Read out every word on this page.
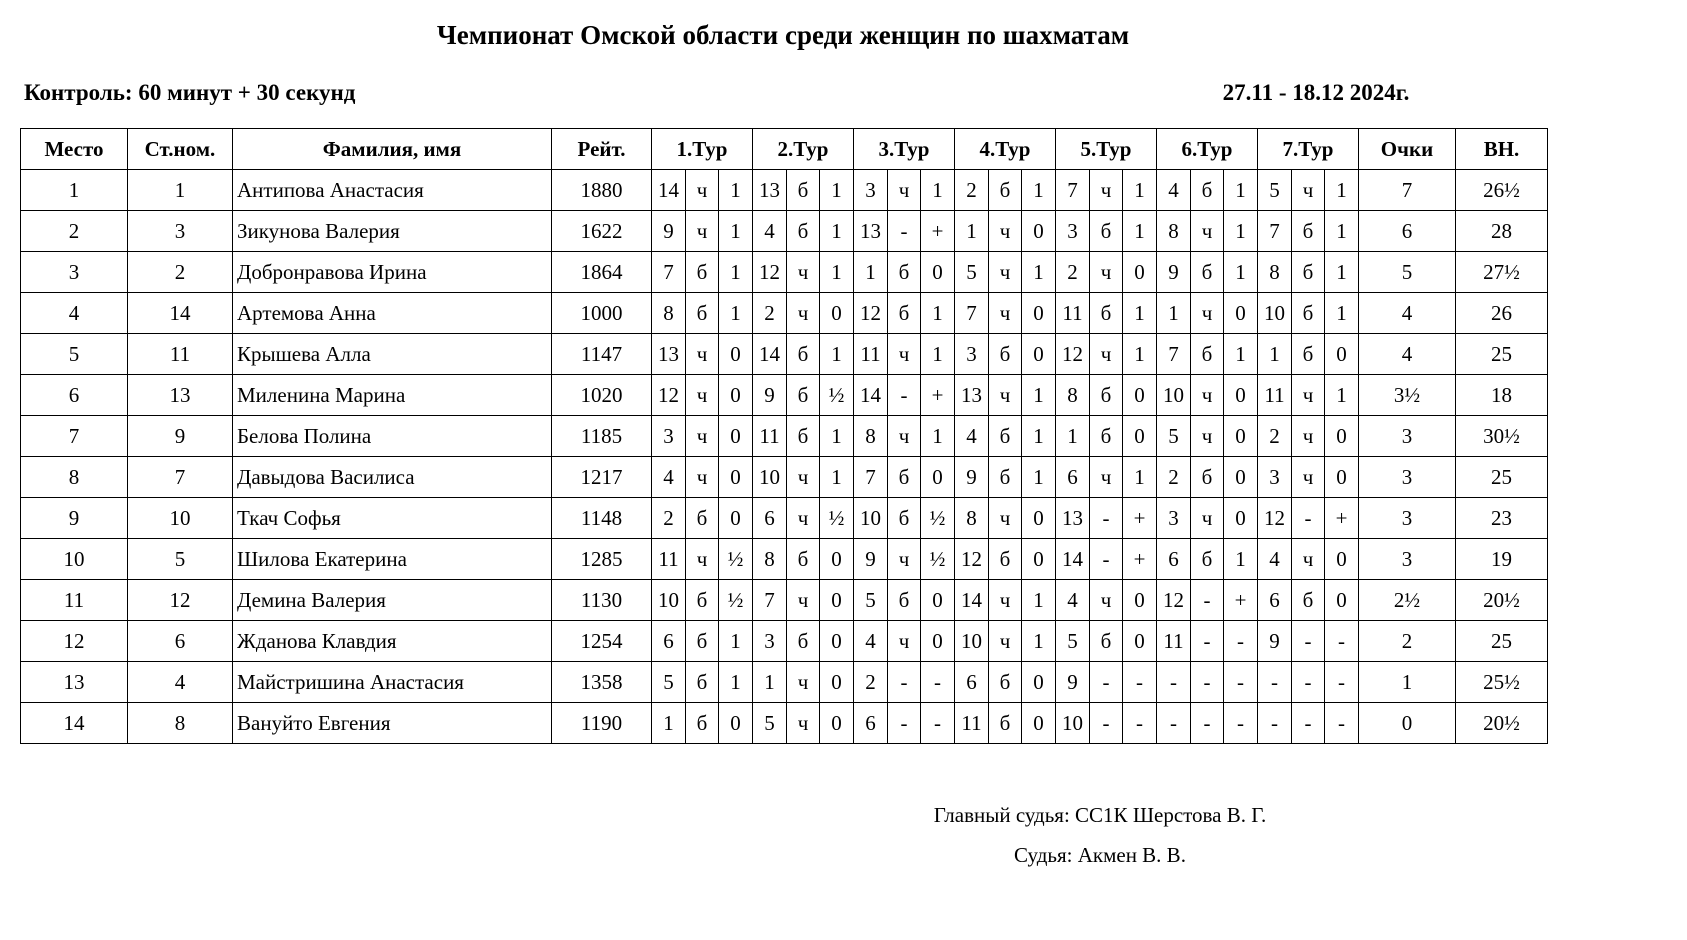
Чемпионат Омской области среди женщин по шахматам
Контроль: 60 минут + 30 секунд	27.11 - 18.12 2024г.
Место	Ст.ном.	Фамилия, имя	Рейт.	1.Тур			2.Тур			3.Тур			4.Тур			5.Тур			6.Тур			7.Тур			Очки	ВН.
1	1	Антипова Анастасия	1880	14	ч	1	13	б	1	3	ч	1	2	б	1	7	ч	1	4	б	1	5	ч	1	7	26½
2	3	Зикунова Валерия	1622	9	ч	1	4	б	1	13	-	+	1	ч	0	3	б	1	8	ч	1	7	б	1	6	28
3	2	Добронравова Ирина	1864	7	б	1	12	ч	1	1	б	0	5	ч	1	2	ч	0	9	б	1	8	б	1	5	27½
4	14	Артемова Анна	1000	8	б	1	2	ч	0	12	б	1	7	ч	0	11	б	1	1	ч	0	10	б	1	4	26
5	11	Крышева Алла	1147	13	ч	0	14	б	1	11	ч	1	3	б	0	12	ч	1	7	б	1	1	б	0	4	25
6	13	Миленина Марина	1020	12	ч	0	9	б	½	14	-	+	13	ч	1	8	б	0	10	ч	0	11	ч	1	3½	18
7	9	Белова Полина	1185	3	ч	0	11	б	1	8	ч	1	4	б	1	1	б	0	5	ч	0	2	ч	0	3	30½
8	7	Давыдова Василиса	1217	4	ч	0	10	ч	1	7	б	0	9	б	1	6	ч	1	2	б	0	3	ч	0	3	25
9	10	Ткач Софья	1148	2	б	0	6	ч	½	10	б	½	8	ч	0	13	-	+	3	ч	0	12	-	+	3	23
10	5	Шилова Екатерина	1285	11	ч	½	8	б	0	9	ч	½	12	б	0	14	-	+	6	б	1	4	ч	0	3	19
11	12	Демина Валерия	1130	10	б	½	7	ч	0	5	б	0	14	ч	1	4	ч	0	12	-	+	6	б	0	2½	20½
12	6	Жданова Клавдия	1254	6	б	1	3	б	0	4	ч	0	10	ч	1	5	б	0	11	-	-	9	-	-	2	25
13	4	Майстришина Анастасия	1358	5	б	1	1	ч	0	2	-	-	6	б	0	9	-	-	-	-	-	-	-	-	1	25½
14	8	Вануйто Евгения	1190	1	б	0	5	ч	0	6	-	-	11	б	0	10	-	-	-	-	-	-	-	-	0	20½
Главный судья: СС1К Шерстова В. Г.
Судья: Акмен В. В.
